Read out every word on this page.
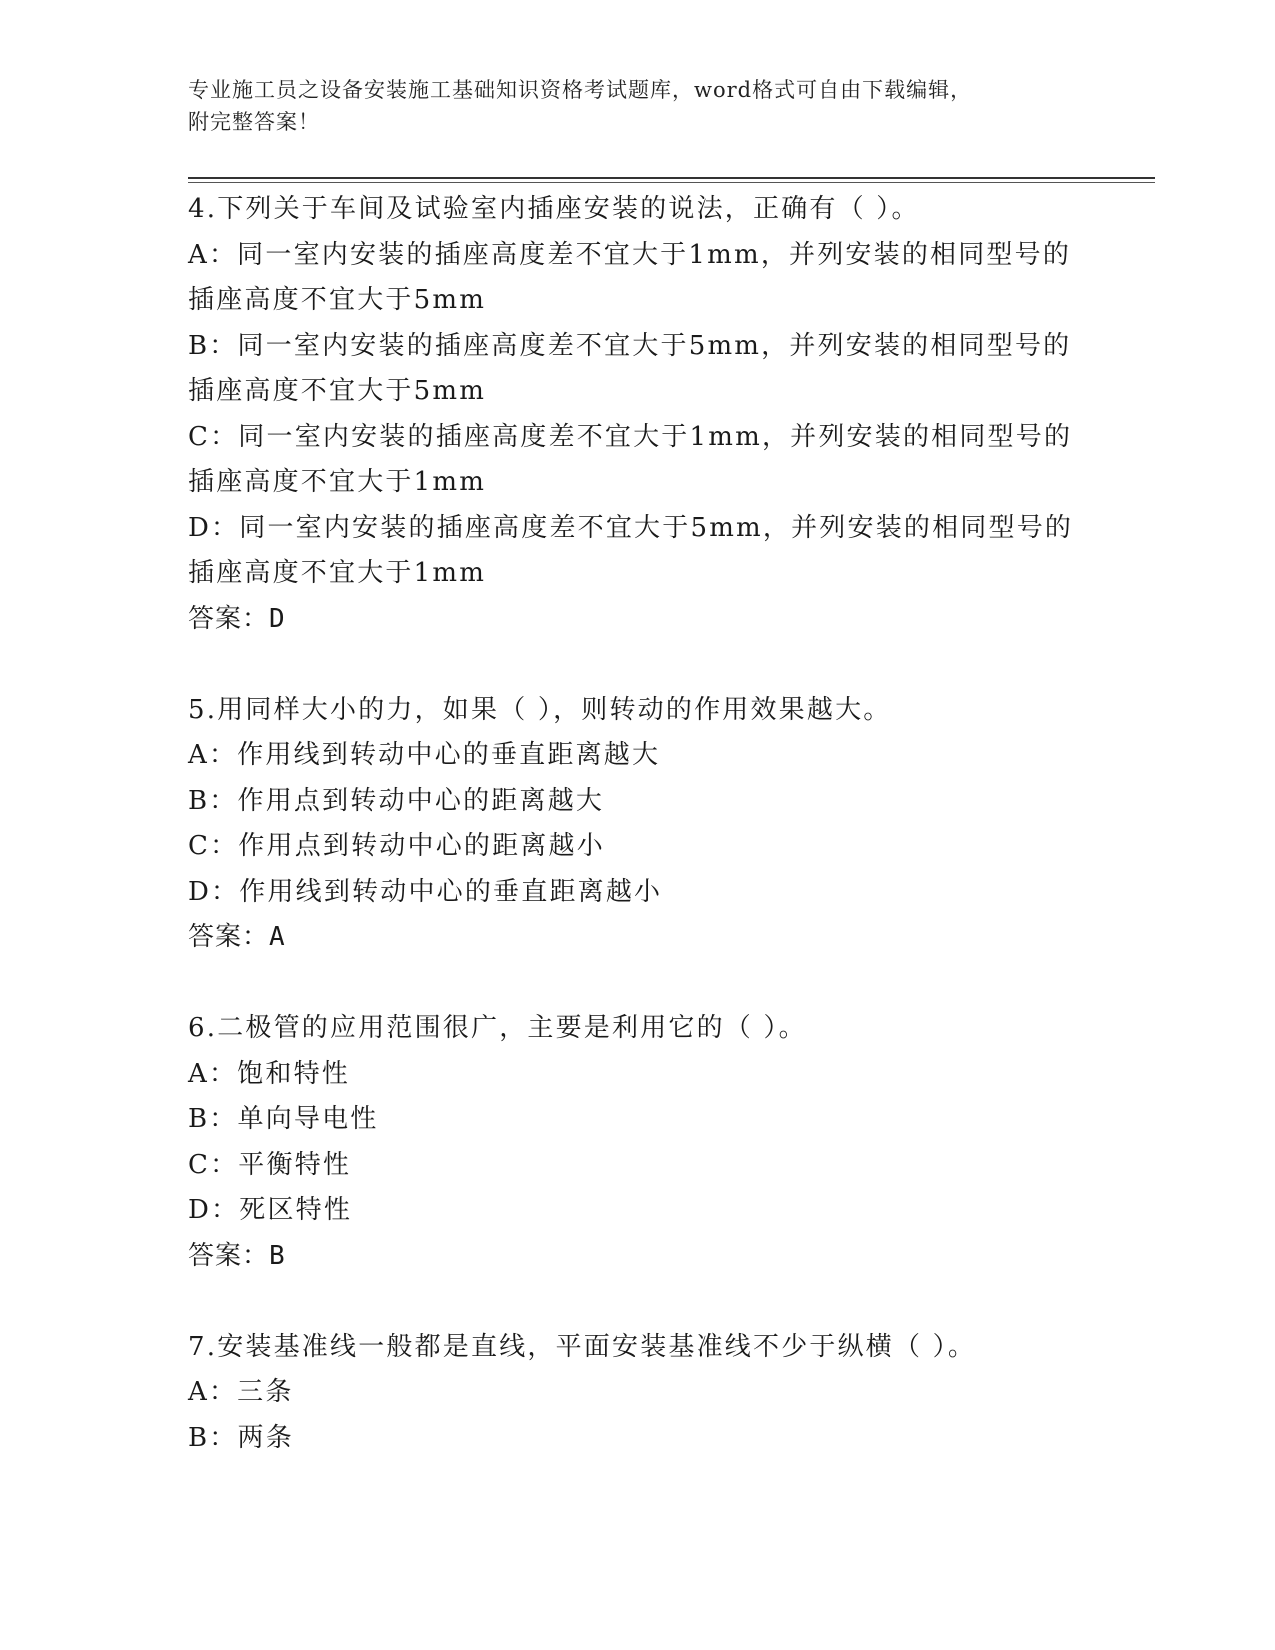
专业施工员之设备安装施工基础知识资格考试题库，word格式可自由下载编辑，
附完整答案！
4.下列关于车间及试验室内插座安装的说法，正确有（ ）。
A：同一室内安装的插座高度差不宜大于1mm，并列安装的相同型号的
插座高度不宜大于5mm
B：同一室内安装的插座高度差不宜大于5mm，并列安装的相同型号的
插座高度不宜大于5mm
C：同一室内安装的插座高度差不宜大于1mm，并列安装的相同型号的
插座高度不宜大于1mm
D：同一室内安装的插座高度差不宜大于5mm，并列安装的相同型号的
插座高度不宜大于1mm
答案：D
5.用同样大小的力，如果（ ），则转动的作用效果越大。
A：作用线到转动中心的垂直距离越大
B：作用点到转动中心的距离越大
C：作用点到转动中心的距离越小
D：作用线到转动中心的垂直距离越小
答案：A
6.二极管的应用范围很广，主要是利用它的（ ）。
A：饱和特性
B：单向导电性
C：平衡特性
D：死区特性
答案：B
7.安装基准线一般都是直线，平面安装基准线不少于纵横（ ）。
A：三条
B：两条
